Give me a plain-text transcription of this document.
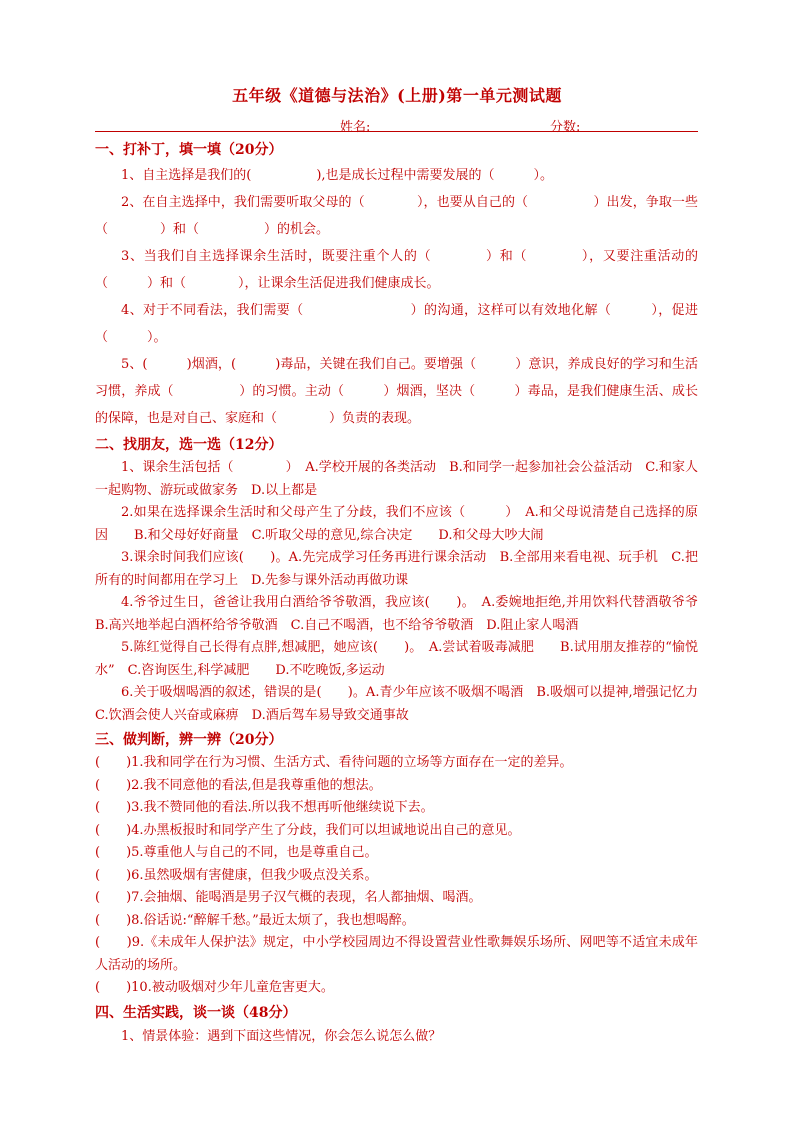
五年级《道德与法治》(上册)第一单元测试题
姓名:	分数:
一、打补丁，填一填（20分）

1、自主选择是我们的(　　　　　),也是成长过程中需要发展的（　　　）。

2、在自主选择中，我们需要听取父母的（　　　　），也要从自己的（　　　　　）出发，争取一些（　　　　）和（　　　　　）的机会。

3、当我们自主选择课余生活时，既要注重个人的（　　　　）和（　　　　），又要注重活动的（　　　）和（　　　　），让课余生活促进我们健康成长。

4、对于不同看法，我们需要（　　　　　　　　）的沟通，这样可以有效地化解（　　　），促进（　　　）。

5、(　　　)烟酒，(　　　)毒品，关键在我们自己。要增强（　　　）意识，养成良好的学习和生活习惯，养成（　　　　　）的习惯。主动（　　　）烟酒，坚决（　　　）毒品，是我们健康生活、成长的保障，也是对自己、家庭和（　　　　）负责的表现。

二、找朋友，选一选（12分）

1、课余生活包括（　　　　）　A.学校开展的各类活动　B.和同学一起参加社会公益活动　C.和家人一起购物、游玩或做家务　D.以上都是

2.如果在选择课余生活时和父母产生了分歧，我们不应该（　　　）　A.和父母说清楚自己选择的原因　　B.和父母好好商量　C.听取父母的意见,综合决定　　D.和父母大吵大闹

3.课余时间我们应该(　　)。A.先完成学习任务再进行课余活动　B.全部用来看电视、玩手机　C.把所有的时间都用在学习上　D.先参与课外活动再做功课

4.爷爷过生日，爸爸让我用白酒给爷爷敬酒，我应该(　　)。　A.委婉地拒绝,并用饮料代替酒敬爷爷　B.高兴地举起白酒杯给爷爷敬酒　C.自己不喝酒，也不给爷爷敬酒　D.阻止家人喝酒

5.陈红觉得自己长得有点胖,想减肥，她应该(　　)。　A.尝试着吸毒减肥　　B.试用朋友推荐的“愉悦水”　C.咨询医生,科学减肥　　D.不吃晚饭,多运动

6.关于吸烟喝酒的叙述，错误的是(　　)。A.青少年应该不吸烟不喝酒　B.吸烟可以提神,增强记忆力　C.饮酒会使人兴奋或麻痹　D.酒后驾车易导致交通事故

三、做判断，辨一辨（20分）

(　　)1.我和同学在行为习惯、生活方式、看待问题的立场等方面存在一定的差异。

(　　)2.我不同意他的看法,但是我尊重他的想法。

(　　)3.我不赞同他的看法.所以我不想再听他继续说下去。

(　　)4.办黑板报时和同学产生了分歧，我们可以坦诚地说出自己的意见。

(　　)5.尊重他人与自己的不同，也是尊重自己。

(　　)6.虽然吸烟有害健康，但我少吸点没关系。

(　　)7.会抽烟、能喝酒是男子汉气概的表现，名人都抽烟、喝酒。

(　　)8.俗话说:“醉解千愁。”最近太烦了，我也想喝醉。

(　　)9.《未成年人保护法》规定，中小学校园周边不得设置营业性歌舞娱乐场所、网吧等不适宜未成年人活动的场所。

(　　)10.被动吸烟对少年儿童危害更大。

四、生活实践，谈一谈（48分）

1、情景体验：遇到下面这些情况，你会怎么说怎么做？
